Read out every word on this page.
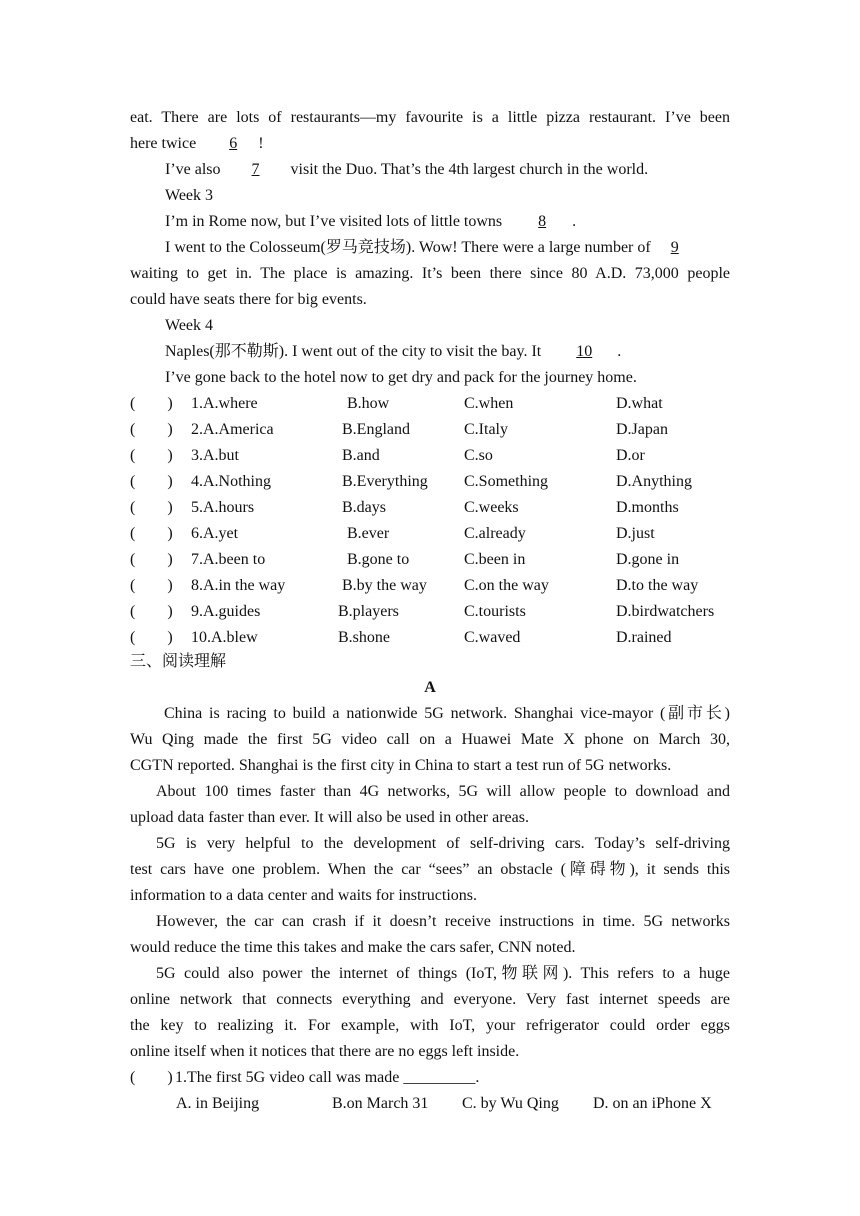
eat. There are lots of restaurants—my favourite is a little pizza restaurant. I’ve been
here twice 6 !
I’ve also 7 visit the Duo. That’s the 4th largest church in the world.
Week 3
I’m in Rome now, but I’ve visited lots of little towns 8 .
I went to the Colosseum(罗马竞技场). Wow! There were a large number of 9
waiting to get in. The place is amazing. It’s been there since 80 A.D. 73,000 people
could have seats there for big events.
Week 4
Naples(那不勒斯). I went out of the city to visit the bay. It 10 .
I’ve gone back to the hotel now to get dry and pack for the journey home.
(　　) 1.A.where	B.how	C.when	D.what
(　　) 2.A.America	B.England	C.Italy	D.Japan
(　　) 3.A.but	B.and	C.so	D.or
(　　) 4.A.Nothing	B.Everything C.Something	D.Anything
(　　) 5.A.hours	B.days	C.weeks	D.months
(　　) 6.A.yet	B.ever	C.already	D.just
(　　) 7.A.been to	B.gone to	C.been in	D.gone in
(　　) 8.A.in the way	B.by the way C.on the way	D.to the way
(　　) 9.A.guides	B.players	C.tourists	D.birdwatchers
(　　) 10.A.blew	B.shone	C.waved	D.rained
三、阅读理解
A
China is racing to build a nationwide 5G network. Shanghai vice-mayor (副市长)
Wu Qing made the first 5G video call on a Huawei Mate X phone on March 30,
CGTN reported. Shanghai is the first city in China to start a test run of 5G networks.
About 100 times faster than 4G networks, 5G will allow people to download and
upload data faster than ever. It will also be used in other areas.
5G is very helpful to the development of self-driving cars. Today’s self-driving
test cars have one problem. When the car “sees” an obstacle (障碍物), it sends this
information to a data center and waits for instructions.
However, the car can crash if it doesn’t receive instructions in time. 5G networks
would reduce the time this takes and make the cars safer, CNN noted.
5G could also power the internet of things (IoT,物联网). This refers to a huge
online network that connects everything and everyone. Very fast internet speeds are
the key to realizing it. For example, with IoT, your refrigerator could order eggs
online itself when it notices that there are no eggs left inside.
(　　) 1.The first 5G video call was made _________.
A. in Beijing	B.on March 31 C. by Wu Qing D. on an iPhone X
